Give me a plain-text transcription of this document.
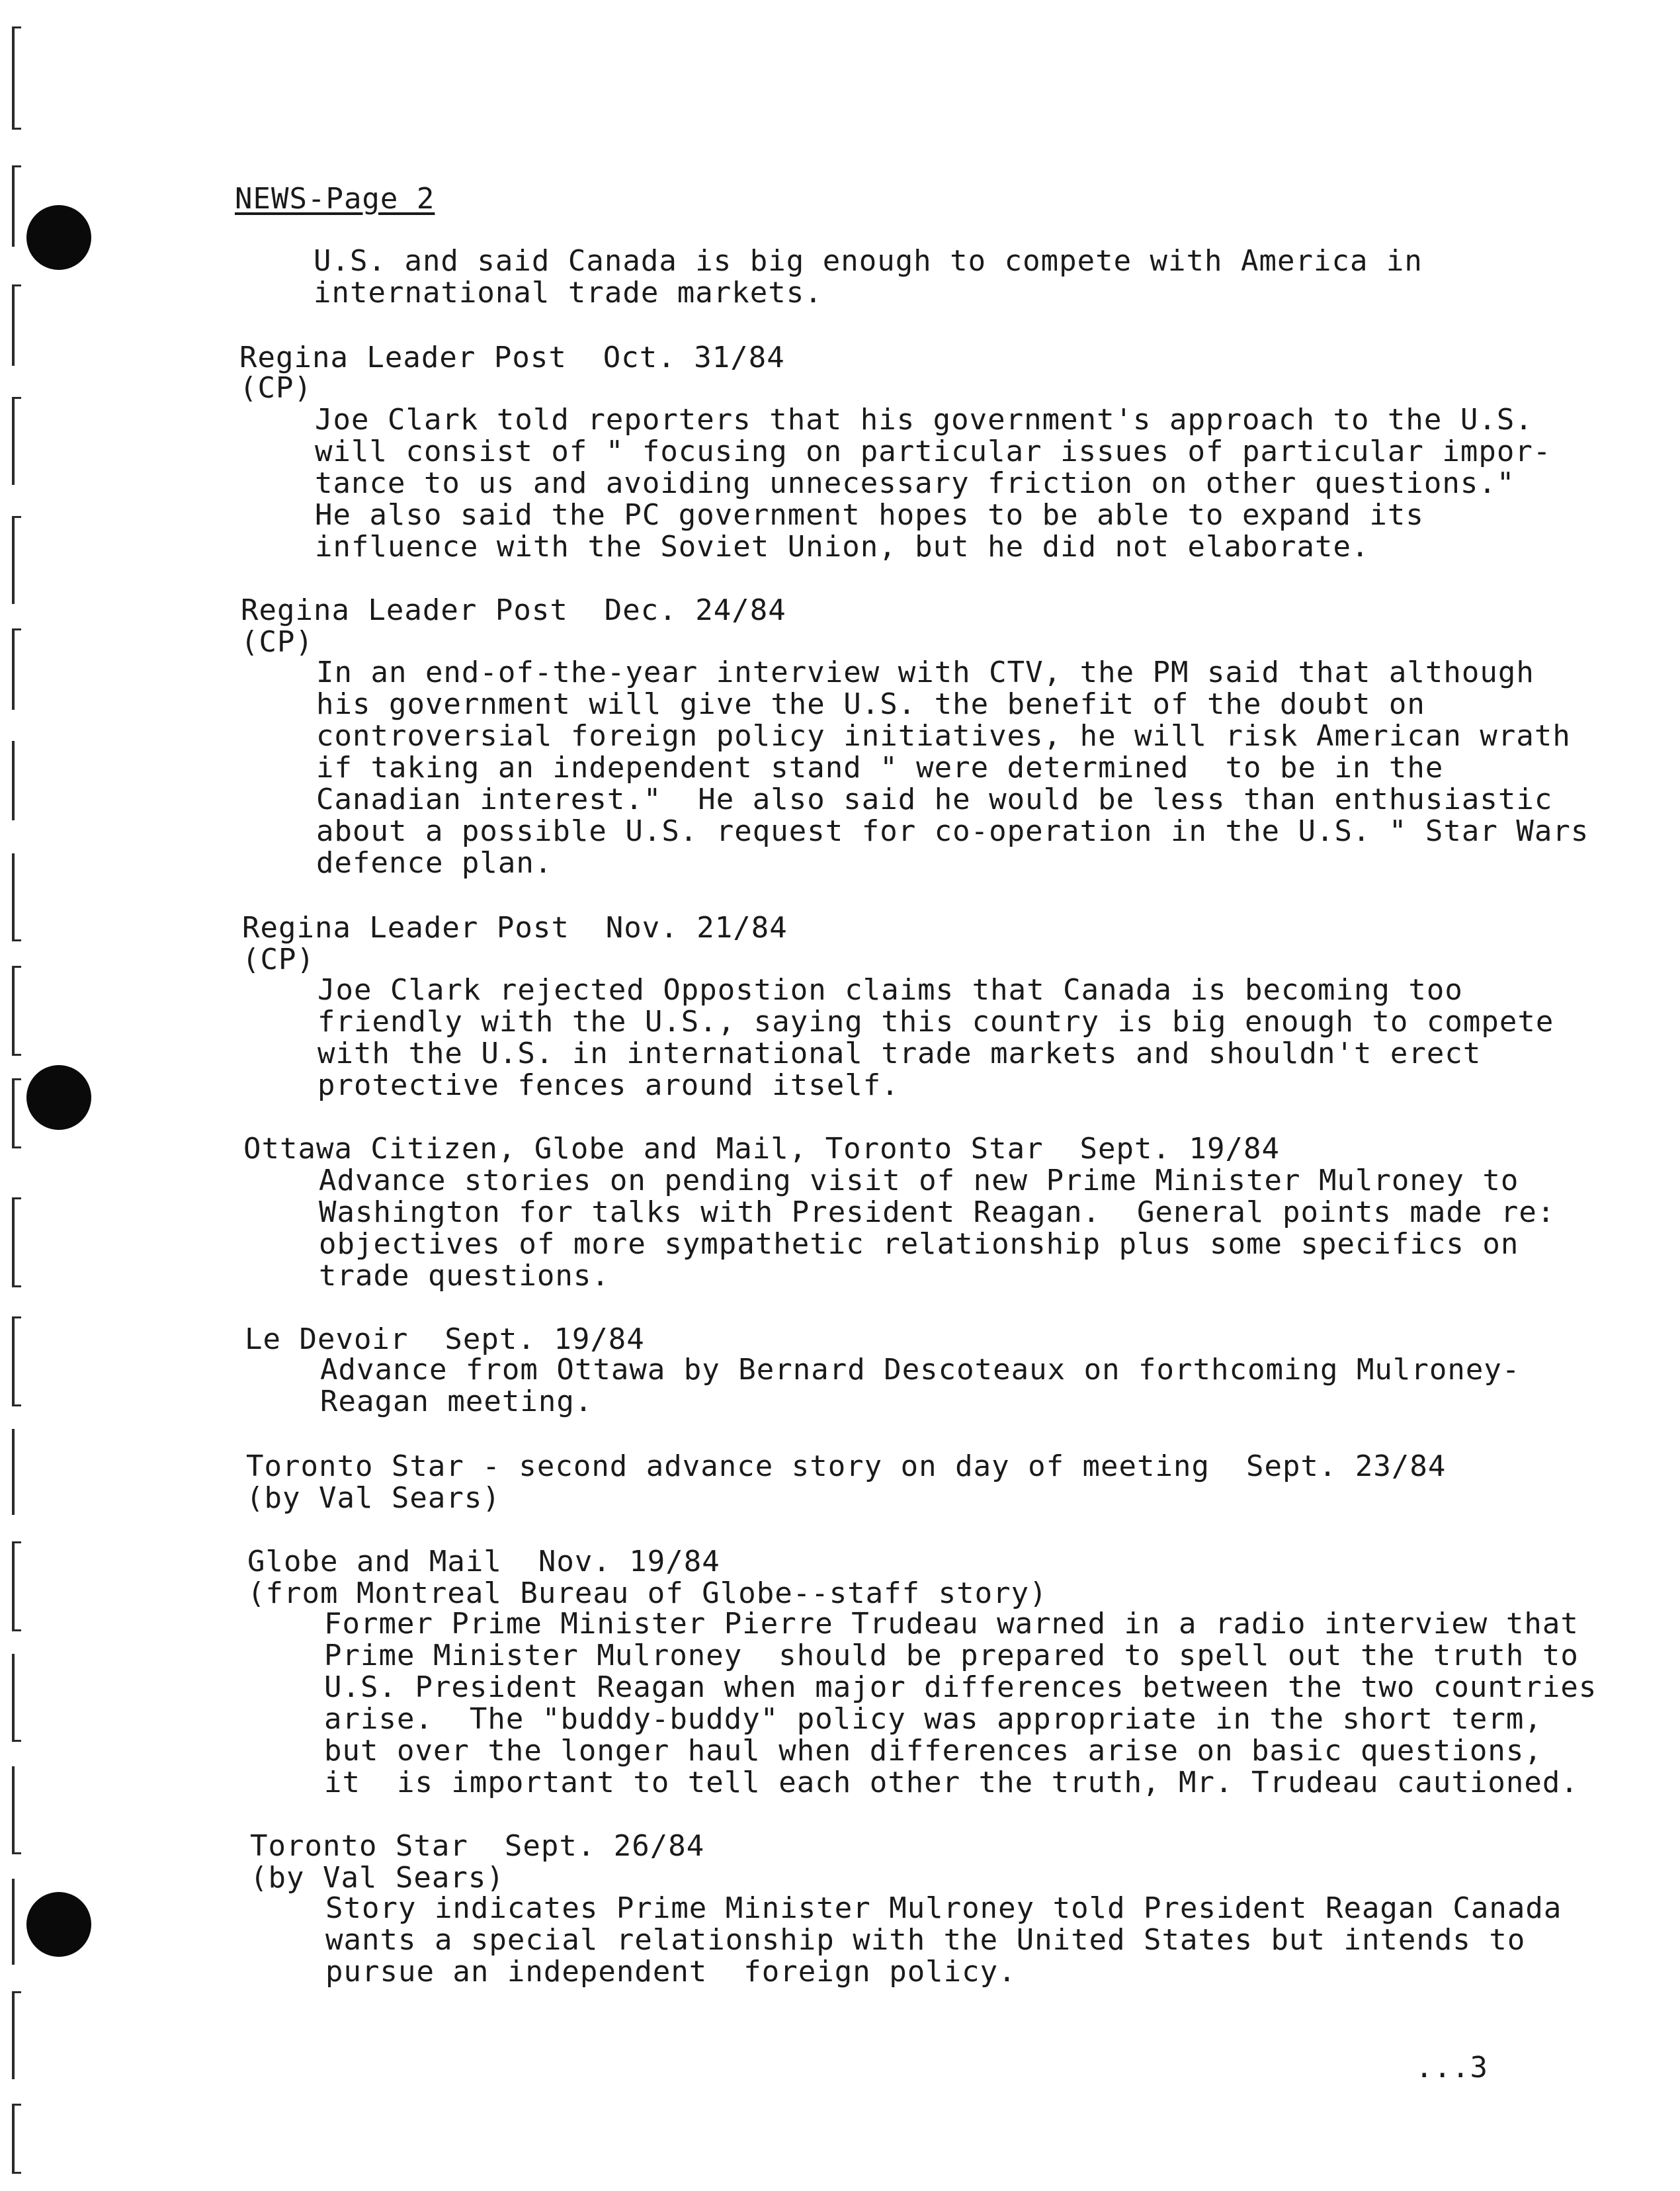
NEWS-Page 2
U.S. and said Canada is big enough to compete with America in
international trade markets.
Regina Leader Post  Oct. 31/84
(CP)
Joe Clark told reporters that his government's approach to the U.S.
will consist of " focusing on particular issues of particular impor-
tance to us and avoiding unnecessary friction on other questions."
He also said the PC government hopes to be able to expand its
influence with the Soviet Union, but he did not elaborate.
Regina Leader Post  Dec. 24/84
(CP)
In an end-of-the-year interview with CTV, the PM said that although
his government will give the U.S. the benefit of the doubt on
controversial foreign policy initiatives, he will risk American wrath
if taking an independent stand " were determined  to be in the
Canadian interest."  He also said he would be less than enthusiastic
about a possible U.S. request for co-operation in the U.S. " Star Wars
defence plan.
Regina Leader Post  Nov. 21/84
(CP)
Joe Clark rejected Oppostion claims that Canada is becoming too
friendly with the U.S., saying this country is big enough to compete
with the U.S. in international trade markets and shouldn't erect
protective fences around itself.
Ottawa Citizen, Globe and Mail, Toronto Star  Sept. 19/84
Advance stories on pending visit of new Prime Minister Mulroney to
Washington for talks with President Reagan.  General points made re:
objectives of more sympathetic relationship plus some specifics on
trade questions.
Le Devoir  Sept. 19/84
Advance from Ottawa by Bernard Descoteaux on forthcoming Mulroney-
Reagan meeting.
Toronto Star - second advance story on day of meeting  Sept. 23/84
(by Val Sears)
Globe and Mail  Nov. 19/84
(from Montreal Bureau of Globe--staff story)
Former Prime Minister Pierre Trudeau warned in a radio interview that
Prime Minister Mulroney  should be prepared to spell out the truth to
U.S. President Reagan when major differences between the two countries
arise.  The "buddy-buddy" policy was appropriate in the short term,
but over the longer haul when differences arise on basic questions,
it  is important to tell each other the truth, Mr. Trudeau cautioned.
Toronto Star  Sept. 26/84
(by Val Sears)
Story indicates Prime Minister Mulroney told President Reagan Canada
wants a special relationship with the United States but intends to
pursue an independent  foreign policy.
...3
